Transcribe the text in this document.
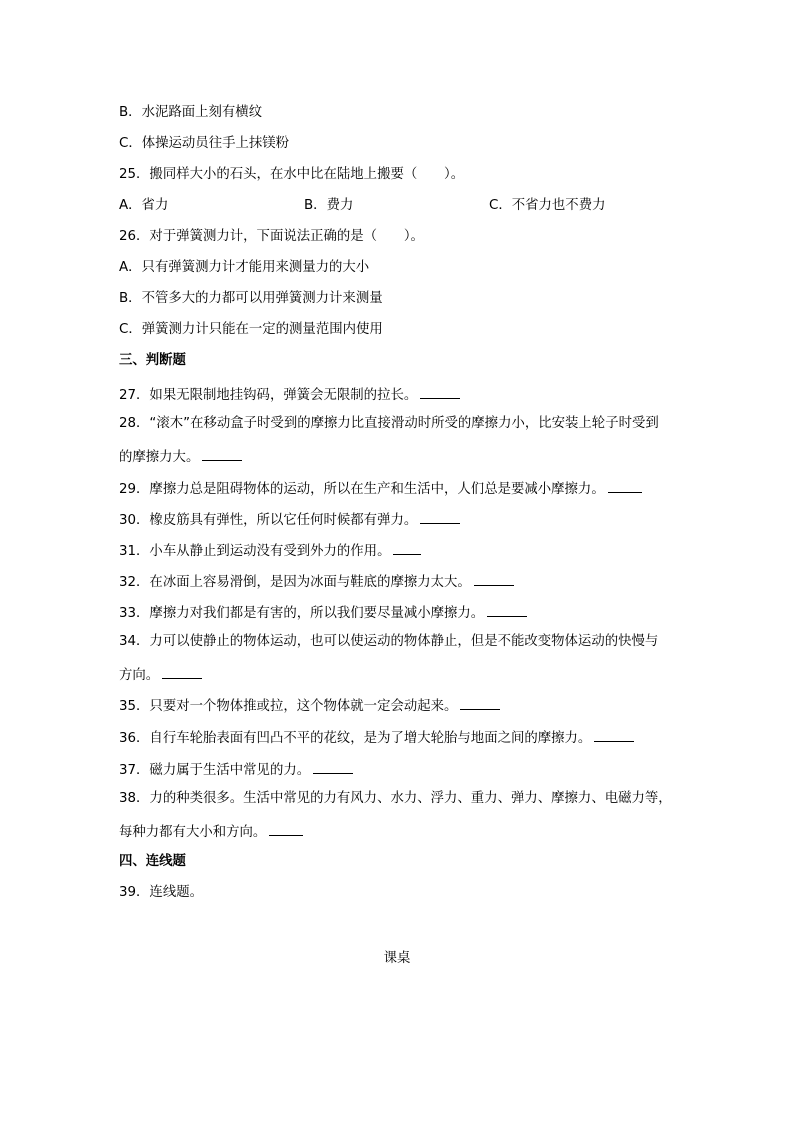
B．水泥路面上刻有横纹
C．体操运动员往手上抹镁粉
25．搬同样大小的石头，在水中比在陆地上搬要（　　）。
A．省力	B．费力	C．不省力也不费力
26．对于弹簧测力计，下面说法正确的是（　　）。
A．只有弹簧测力计才能用来测量力的大小
B．不管多大的力都可以用弹簧测力计来测量
C．弹簧测力计只能在一定的测量范围内使用
三、判断题
27．如果无限制地挂钩码，弹簧会无限制的拉长。
28．“滚木”在移动盒子时受到的摩擦力比直接滑动时所受的摩擦力小，比安装上轮子时受到
的摩擦力大。
29．摩擦力总是阻碍物体的运动，所以在生产和生活中，人们总是要减小摩擦力。
30．橡皮筋具有弹性，所以它任何时候都有弹力。
31．小车从静止到运动没有受到外力的作用。
32．在冰面上容易滑倒，是因为冰面与鞋底的摩擦力太大。
33．摩擦力对我们都是有害的，所以我们要尽量减小摩擦力。
34．力可以使静止的物体运动，也可以使运动的物体静止，但是不能改变物体运动的快慢与
方向。
35．只要对一个物体推或拉，这个物体就一定会动起来。
36．自行车轮胎表面有凹凸不平的花纹，是为了增大轮胎与地面之间的摩擦力。
37．磁力属于生活中常见的力。
38．力的种类很多。生活中常见的力有风力、水力、浮力、重力、弹力、摩擦力、电磁力等，
每种力都有大小和方向。
四、连线题
39．连线题。
课桌
